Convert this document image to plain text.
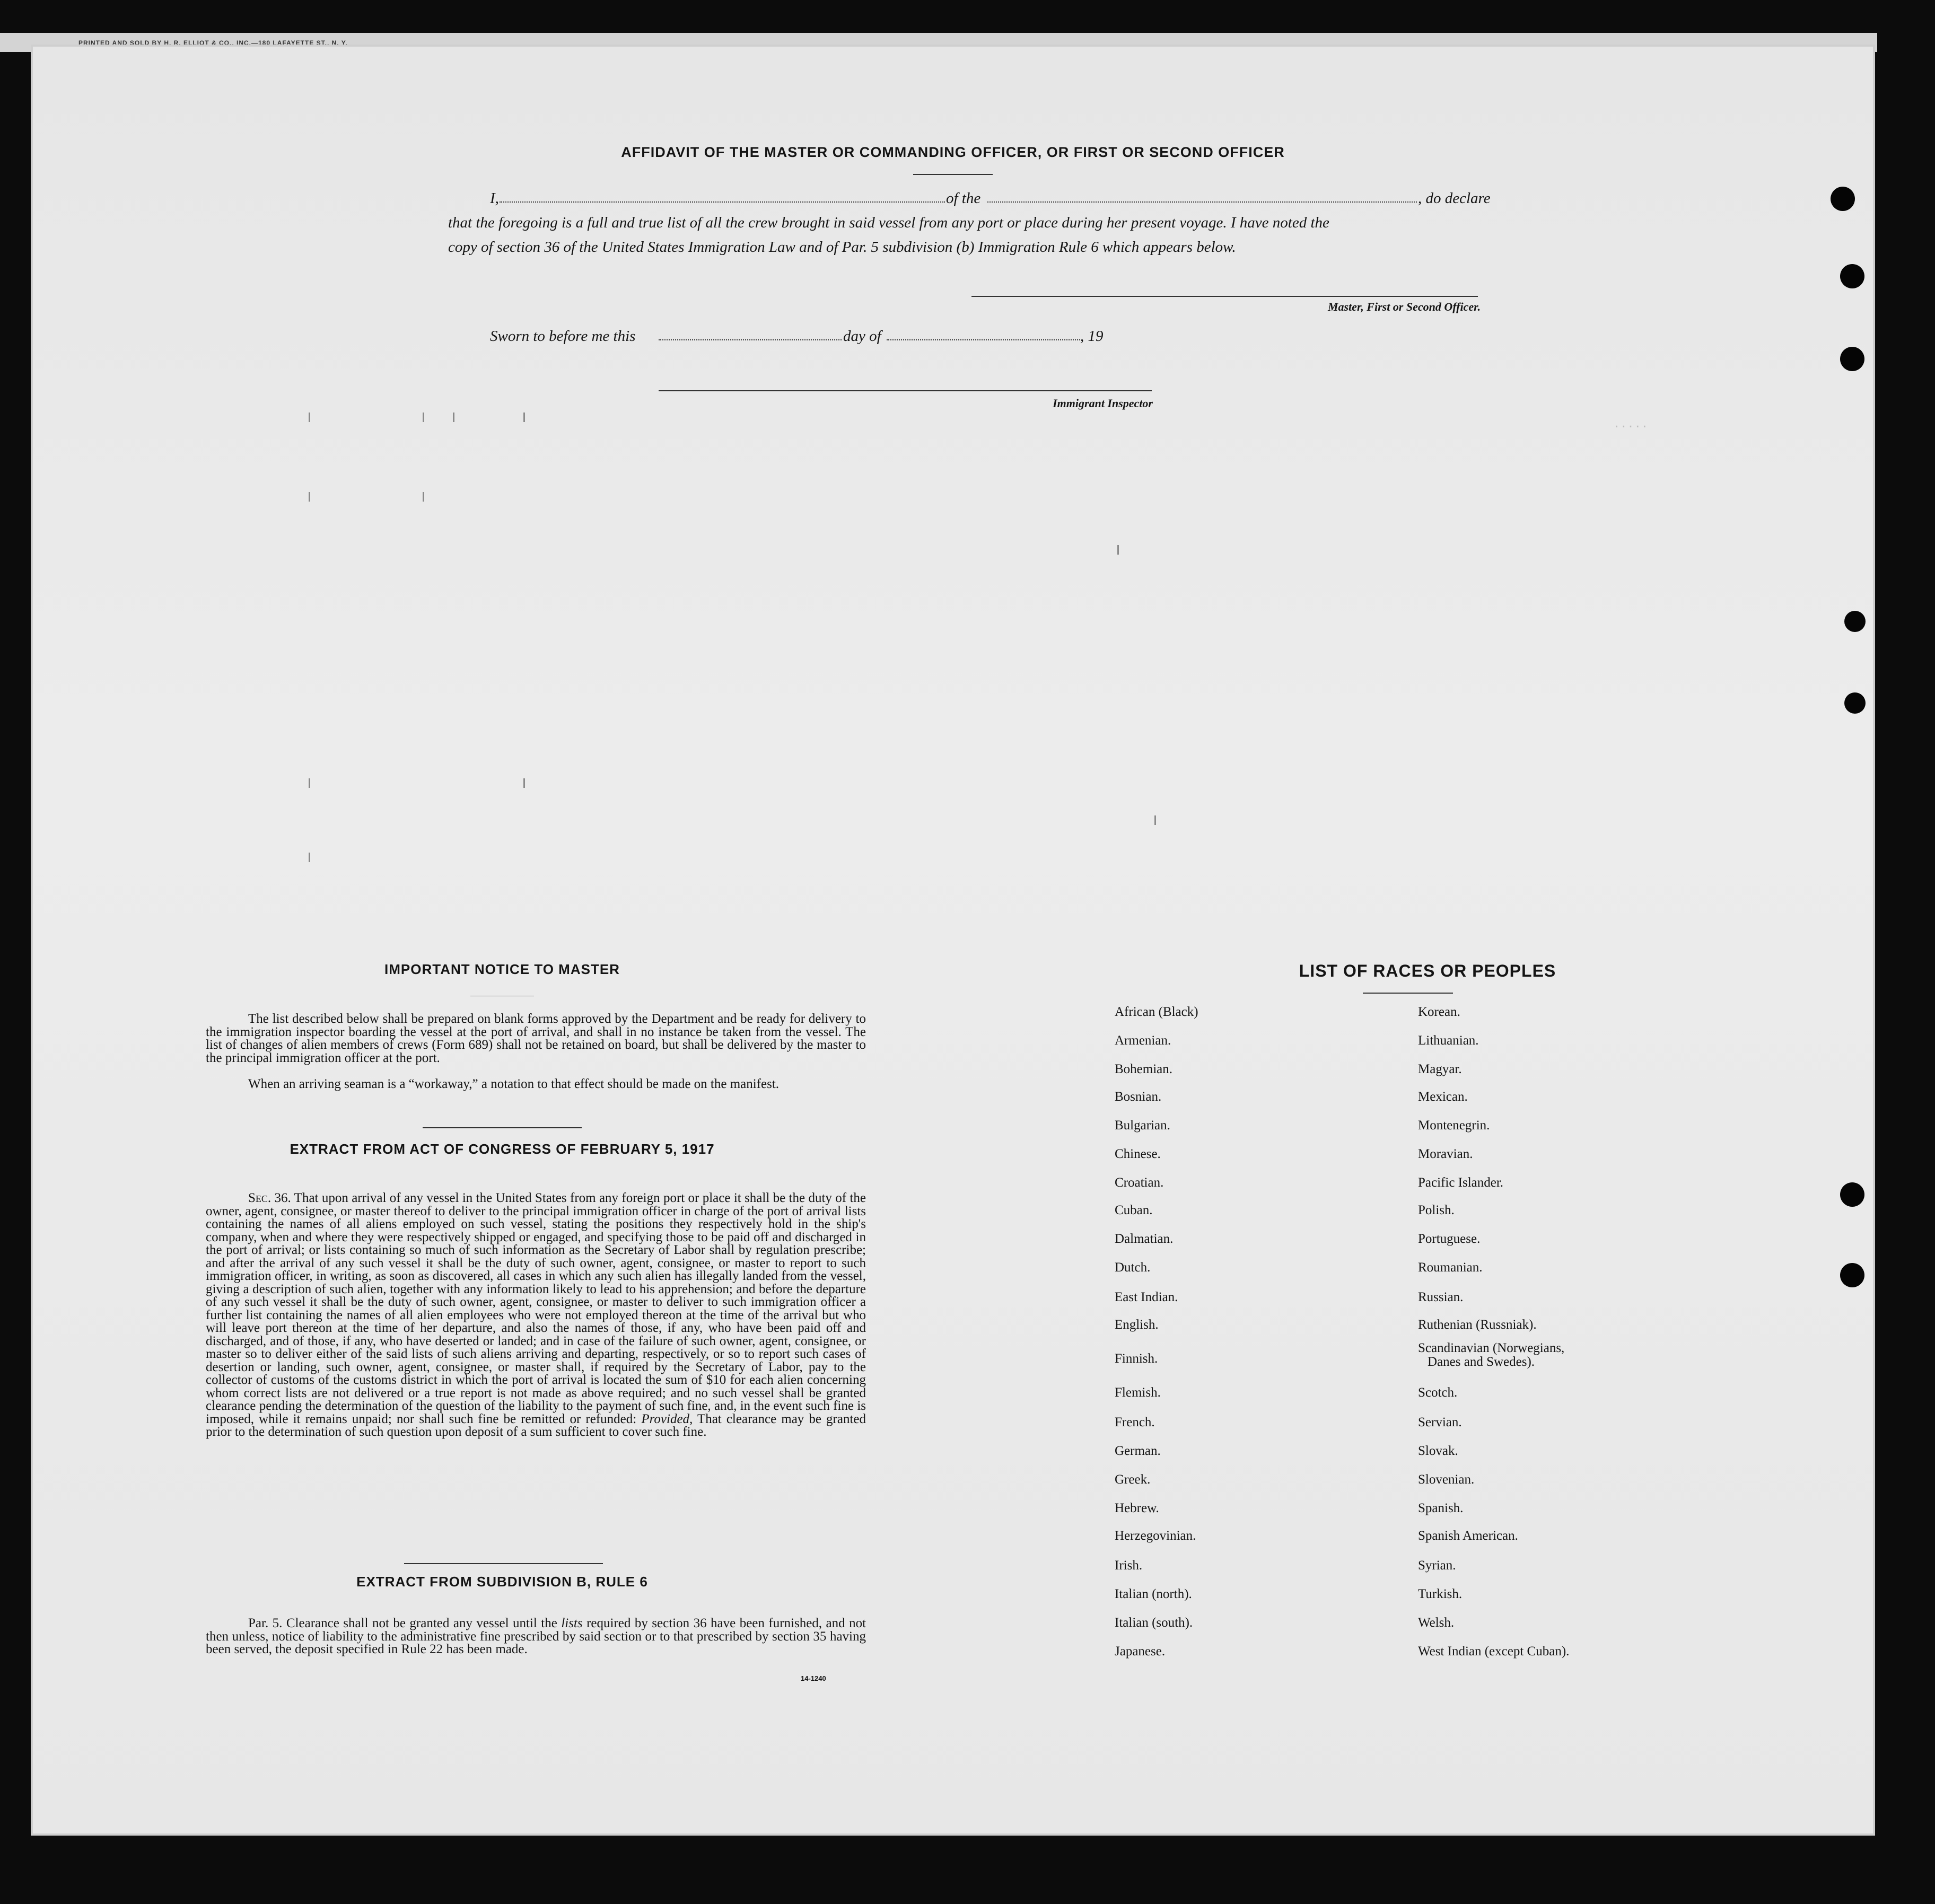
PRINTED AND SOLD BY H. R. ELLIOT & CO., INC.—180 LAFAYETTE ST., N. Y.
.....
AFFIDAVIT OF THE MASTER OR COMMANDING OFFICER, OR FIRST OR SECOND OFFICER
I,	of the	, do declare
that the foregoing is a full and true list of all the crew brought in said vessel from any port or place during her present voyage. I have noted the
copy of section 36 of the United States Immigration Law and of Par. 5 subdivision (b) Immigration Rule 6 which appears below.
Master, First or Second Officer.
Sworn to before me this	day of	, 19
Immigrant Inspector
IMPORTANT NOTICE TO MASTER
The list described below shall be prepared on blank forms approved by the Department and be ready for delivery to the immigration inspector boarding the vessel at the port of arrival, and shall in no instance be taken from the vessel. The list of changes of alien members of crews (Form 689) shall not be retained on board, but shall be delivered by the master to the principal immigration officer at the port.
When an arriving seaman is a “workaway,” a notation to that effect should be made on the manifest.
EXTRACT FROM ACT OF CONGRESS OF FEBRUARY 5, 1917
Sec. 36. That upon arrival of any vessel in the United States from any foreign port or place it shall be the duty of the owner, agent, consignee, or master thereof to deliver to the principal immigration officer in charge of the port of arrival lists containing the names of all aliens employed on such vessel, stating the positions they respectively hold in the ship's company, when and where they were respectively shipped or engaged, and specifying those to be paid off and discharged in the port of arrival; or lists containing so much of such information as the Secretary of Labor shall by regulation prescribe; and after the arrival of any such vessel it shall be the duty of such owner, agent, consignee, or master to report to such immigration officer, in writing, as soon as discovered, all cases in which any such alien has illegally landed from the vessel, giving a description of such alien, together with any information likely to lead to his apprehension; and before the departure of any such vessel it shall be the duty of such owner, agent, consignee, or master to deliver to such immigration officer a further list containing the names of all alien employees who were not employed thereon at the time of the arrival but who will leave port thereon at the time of her departure, and also the names of those, if any, who have been paid off and discharged, and of those, if any, who have deserted or landed; and in case of the failure of such owner, agent, consignee, or master so to deliver either of the said lists of such aliens arriving and departing, respectively, or so to report such cases of desertion or landing, such owner, agent, consignee, or master shall, if required by the Secretary of Labor, pay to the collector of customs of the customs district in which the port of arrival is located the sum of $10 for each alien concerning whom correct lists are not delivered or a true report is not made as above required; and no such vessel shall be granted clearance pending the determination of the question of the liability to the payment of such fine, and, in the event such fine is imposed, while it remains unpaid; nor shall such fine be remitted or refunded: Provided, That clearance may be granted prior to the determination of such question upon deposit of a sum sufficient to cover such fine.
EXTRACT FROM SUBDIVISION B, RULE 6
Par. 5. Clearance shall not be granted any vessel until the lists required by section 36 have been furnished, and not then unless, notice of liability to the administrative fine prescribed by said section or to that prescribed by section 35 having been served, the deposit specified in Rule 22 has been made.
14-1240
LIST OF RACES OR PEOPLES
African (Black)
Armenian.
Bohemian.
Bosnian.
Bulgarian.
Chinese.
Croatian.
Cuban.
Dalmatian.
Dutch.
East Indian.
English.
Finnish.
Flemish.
French.
German.
Greek.
Hebrew.
Herzegovinian.
Irish.
Italian (north).
Italian (south).
Japanese.
Korean.
Lithuanian.
Magyar.
Mexican.
Montenegrin.
Moravian.
Pacific Islander.
Polish.
Portuguese.
Roumanian.
Russian.
Ruthenian (Russniak).
Scandinavian (Norwegians,
Danes and Swedes).
Scotch.
Servian.
Slovak.
Slovenian.
Spanish.
Spanish American.
Syrian.
Turkish.
Welsh.
West Indian (except Cuban).
